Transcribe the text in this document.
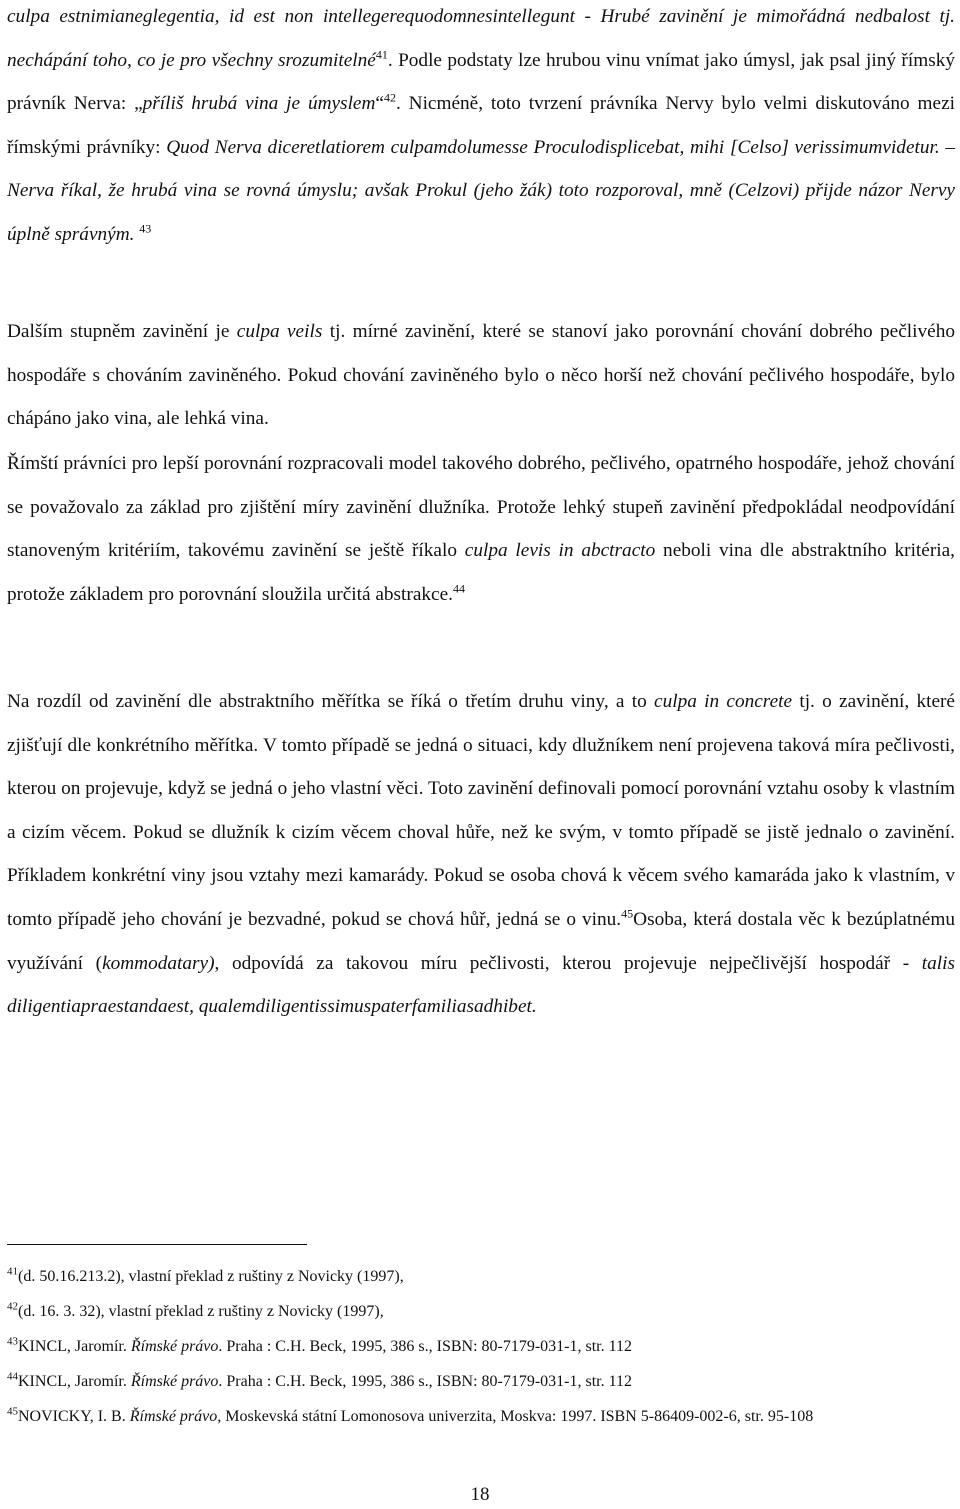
culpa estnimianeglegentia, id est non intellegerequodomnesintellegunt - Hrubé zavinění je mimořádná nedbalost tj. nechápání toho, co je pro všechny srozumitelné$^{41}$. Podle podstaty lze hrubou vinu vnímat jako úmysl, jak psal jiný římský právník Nerva: „příliš hrubá vina je úmyslem“$^{42}$. Nicméně, toto tvrzení právníka Nervy bylo velmi diskutováno mezi římskými právníky: Quod Nerva diceretlatiorem culpamdolumesse Proculodisplicebat, mihi [Celso] verissimumvidetur. – Nerva říkal, že hrubá vina se rovná úmyslu; avšak Prokul (jeho žák) toto rozporoval, mně (Celzovi) přijde názor Nervy úplně správným. $^{43}$

Dalším stupněm zavinění je culpa veils tj. mírné zavinění, které se stanoví jako porovnání chování dobrého pečlivého hospodáře s chováním zaviněného. Pokud chování zaviněného bylo o něco horší než chování pečlivého hospodáře, bylo chápáno jako vina, ale lehká vina.

Římští právníci pro lepší porovnání rozpracovali model takového dobrého, pečlivého, opatrného hospodáře, jehož chování se považovalo za základ pro zjištění míry zavinění dlužníka. Protože lehký stupeň zavinění předpokládal neodpovídání stanoveným kritériím, takovému zavinění se ještě říkalo culpa levis in abctracto neboli vina dle abstraktního kritéria, protože základem pro porovnání sloužila určitá abstrakce.$^{44}$

Na rozdíl od zavinění dle abstraktního měřítka se říká o třetím druhu viny, a to culpa in concrete tj. o zavinění, které zjišťují dle konkrétního měřítka. V tomto případě se jedná o situaci, kdy dlužníkem není projevena taková míra pečlivosti, kterou on projevuje, když se jedná o jeho vlastní věci. Toto zavinění definovali pomocí porovnání vztahu osoby k vlastním a cizím věcem. Pokud se dlužník k cizím věcem choval hůře, než ke svým, v tomto případě se jistě jednalo o zavinění. Příkladem konkrétní viny jsou vztahy mezi kamarády. Pokud se osoba chová k věcem svého kamaráda jako k vlastním, v tomto případě jeho chování je bezvadné, pokud se chová hůř, jedná se o vinu.$^{45}$Osoba, která dostala věc k bezúplatnému využívání (kommodatary), odpovídá za takovou míru pečlivosti, kterou projevuje nejpečlivější hospodář - talis diligentiapraestandaest, qualemdiligentissimuspaterfamiliasadhibet.

$^{41}$(d. 50.16.213.2), vlastní překlad z ruštiny z Novicky (1997),

$^{42}$(d. 16. 3. 32), vlastní překlad z ruštiny z Novicky (1997),

$^{43}$KINCL, Jaromír. Římské právo. Praha : C.H. Beck, 1995, 386 s., ISBN: 80-7179-031-1, str. 112

$^{44}$KINCL, Jaromír. Římské právo. Praha : C.H. Beck, 1995, 386 s., ISBN: 80-7179-031-1, str. 112

$^{45}$NOVICKY, I. B. Římské právo, Moskevská státní Lomonosova univerzita, Moskva: 1997. ISBN 5-86409-002-6, str. 95-108

18
